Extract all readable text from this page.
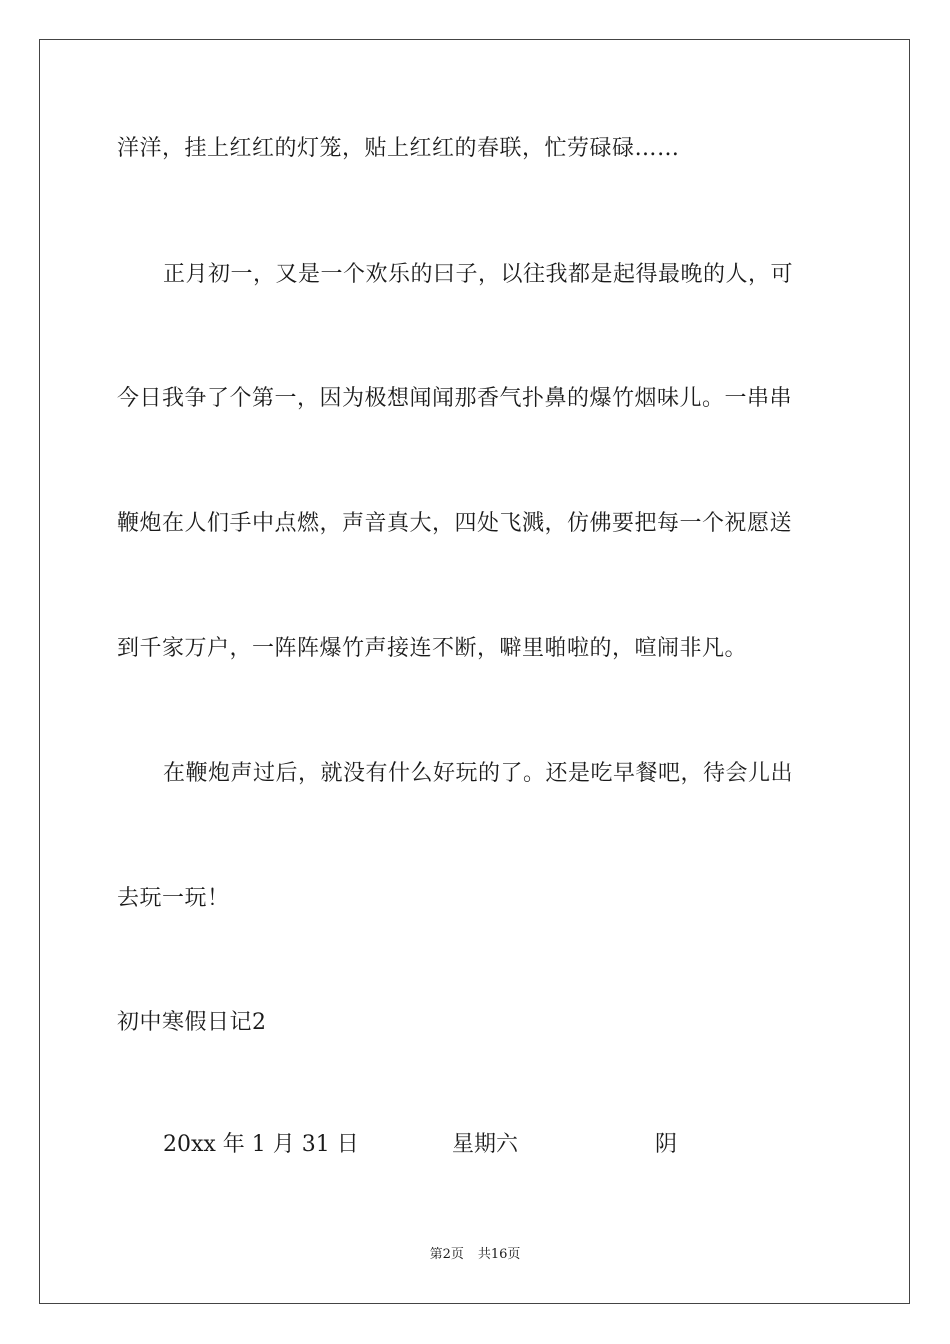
洋洋，挂上红红的灯笼，贴上红红的春联，忙劳碌碌……
正月初一，又是一个欢乐的曰子，以往我都是起得最晚的人，可
今日我争了个第一，因为极想闻闻那香气扑鼻的爆竹烟味儿。一串串
鞭炮在人们手中点燃，声音真大，四处飞溅，仿佛要把每一个祝愿送
到千家万户，一阵阵爆竹声接连不断，噼里啪啦的，喧闹非凡。
在鞭炮声过后，就没有什么好玩的了。还是吃早餐吧，待会儿出
去玩一玩！
初中寒假日记2
20xx 年 1 月 31 日	星期六	阴
第2页 共16页
